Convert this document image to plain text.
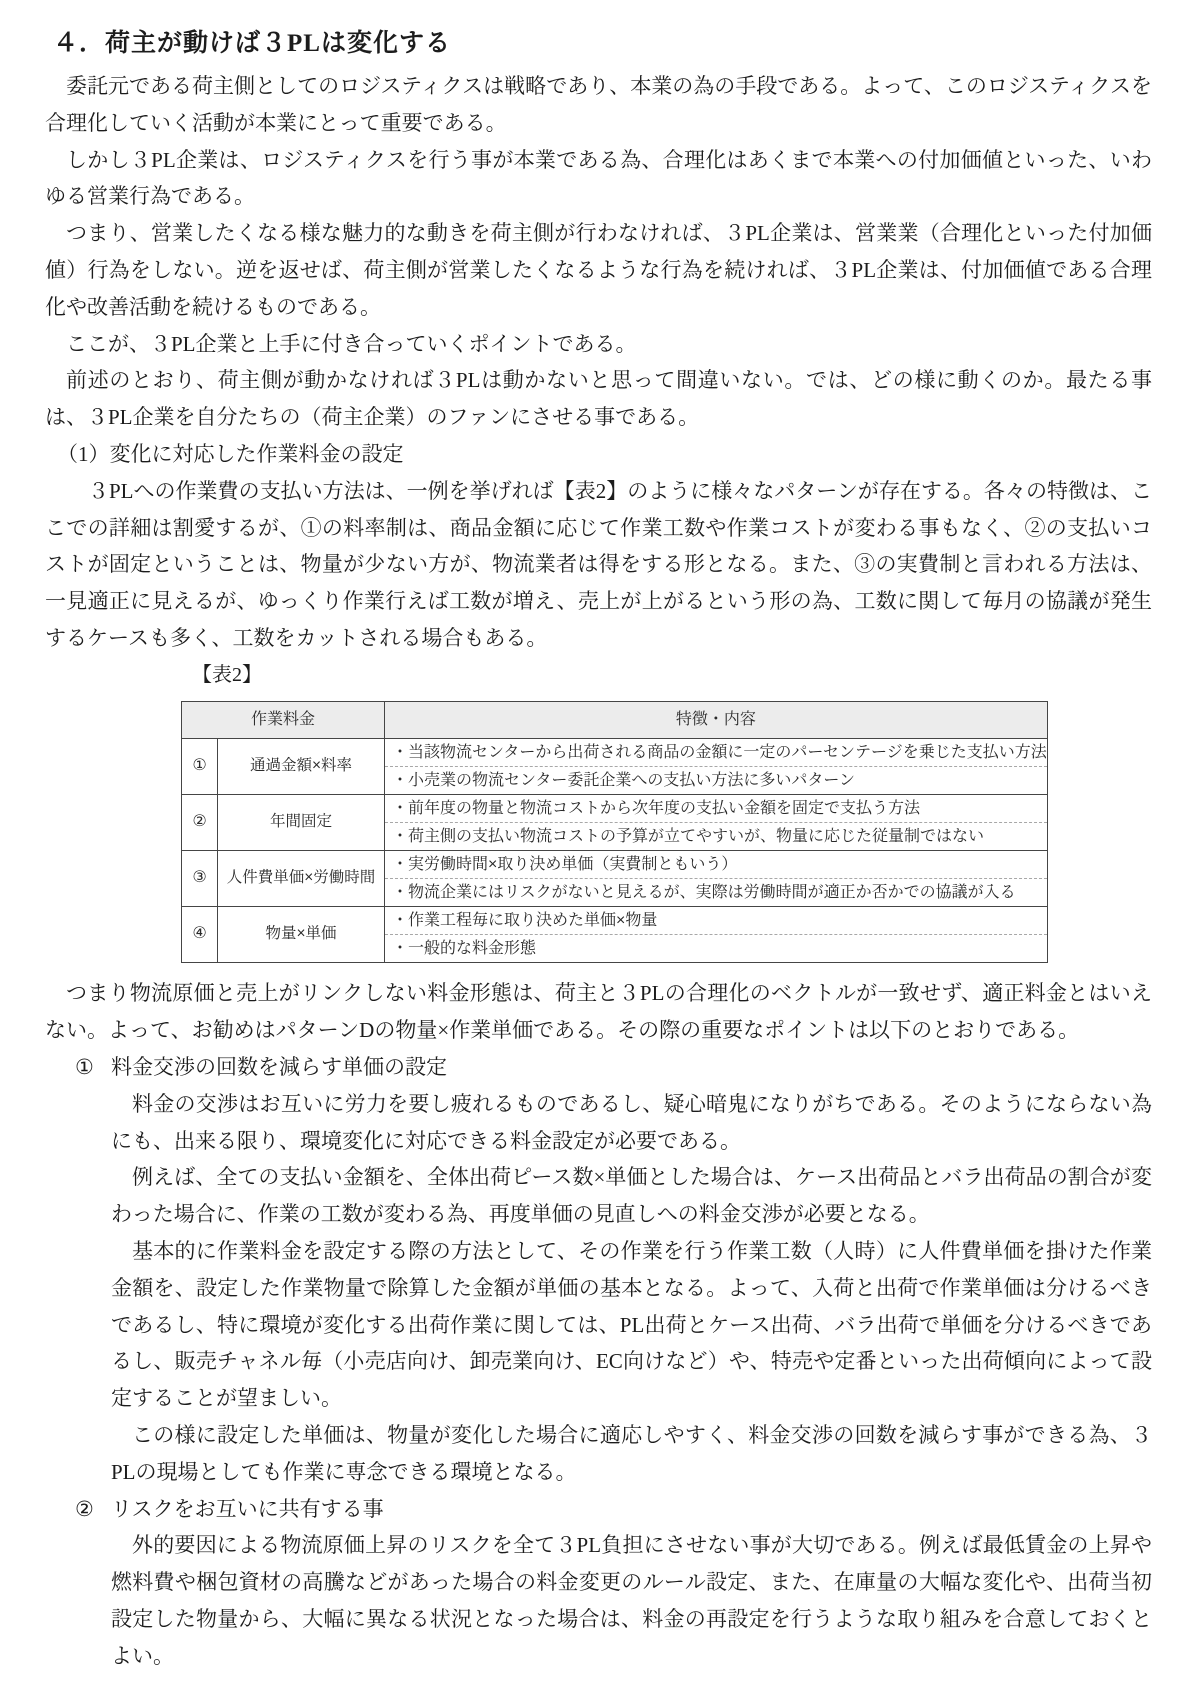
４．荷主が動けば３PLは変化する

委託元である荷主側としてのロジスティクスは戦略であり、本業の為の手段である。よって、このロジスティクスを合理化していく活動が本業にとって重要である。

しかし３PL企業は、ロジスティクスを行う事が本業である為、合理化はあくまで本業への付加価値といった、いわゆる営業行為である。

つまり、営業したくなる様な魅力的な動きを荷主側が行わなければ、３PL企業は、営業業（合理化といった付加価値）行為をしない。逆を返せば、荷主側が営業したくなるような行為を続ければ、３PL企業は、付加価値である合理化や改善活動を続けるものである。

ここが、３PL企業と上手に付き合っていくポイントである。

前述のとおり、荷主側が動かなければ３PLは動かないと思って間違いない。では、どの様に動くのか。最たる事は、３PL企業を自分たちの（荷主企業）のファンにさせる事である。

（1）変化に対応した作業料金の設定

３PLへの作業費の支払い方法は、一例を挙げれば【表2】のように様々なパターンが存在する。各々の特徴は、ここでの詳細は割愛するが、①の料率制は、商品金額に応じて作業工数や作業コストが変わる事もなく、②の支払いコストが固定ということは、物量が少ない方が、物流業者は得をする形となる。また、③の実費制と言われる方法は、一見適正に見えるが、ゆっくり作業行えば工数が増え、売上が上がるという形の為、工数に関して毎月の協議が発生するケースも多く、工数をカットされる場合もある。

【表2】
作業料金		特徴・内容
①	通過金額×料率	・当該物流センターから出荷される商品の金額に一定のパーセンテージを乗じた支払い方法
・小売業の物流センター委託企業への支払い方法に多いパターン

②	年間固定	・前年度の物量と物流コストから次年度の支払い金額を固定で支払う方法
・荷主側の支払い物流コストの予算が立てやすいが、物量に応じた従量制ではない

③	人件費単価×労働時間	・実労働時間×取り決め単価（実費制ともいう）
・物流企業にはリスクがないと見えるが、実際は労働時間が適正か否かでの協議が入る

④	物量×単価	・作業工程毎に取り決めた単価×物量
・一般的な料金形態

つまり物流原価と売上がリンクしない料金形態は、荷主と３PLの合理化のベクトルが一致せず、適正料金とはいえない。よって、お勧めはパターンDの物量×作業単価である。その際の重要なポイントは以下のとおりである。

① 料金交渉の回数を減らす単価の設定

料金の交渉はお互いに労力を要し疲れるものであるし、疑心暗鬼になりがちである。そのようにならない為にも、出来る限り、環境変化に対応できる料金設定が必要である。

例えば、全ての支払い金額を、全体出荷ピース数×単価とした場合は、ケース出荷品とバラ出荷品の割合が変わった場合に、作業の工数が変わる為、再度単価の見直しへの料金交渉が必要となる。

基本的に作業料金を設定する際の方法として、その作業を行う作業工数（人時）に人件費単価を掛けた作業金額を、設定した作業物量で除算した金額が単価の基本となる。よって、入荷と出荷で作業単価は分けるべきであるし、特に環境が変化する出荷作業に関しては、PL出荷とケース出荷、バラ出荷で単価を分けるべきであるし、販売チャネル毎（小売店向け、卸売業向け、EC向けなど）や、特売や定番といった出荷傾向によって設定することが望ましい。

この様に設定した単価は、物量が変化した場合に適応しやすく、料金交渉の回数を減らす事ができる為、３PLの現場としても作業に専念できる環境となる。

② リスクをお互いに共有する事

外的要因による物流原価上昇のリスクを全て３PL負担にさせない事が大切である。例えば最低賃金の上昇や燃料費や梱包資材の高騰などがあった場合の料金変更のルール設定、また、在庫量の大幅な変化や、出荷当初設定した物量から、大幅に異なる状況となった場合は、料金の再設定を行うような取り組みを合意しておくとよい。
